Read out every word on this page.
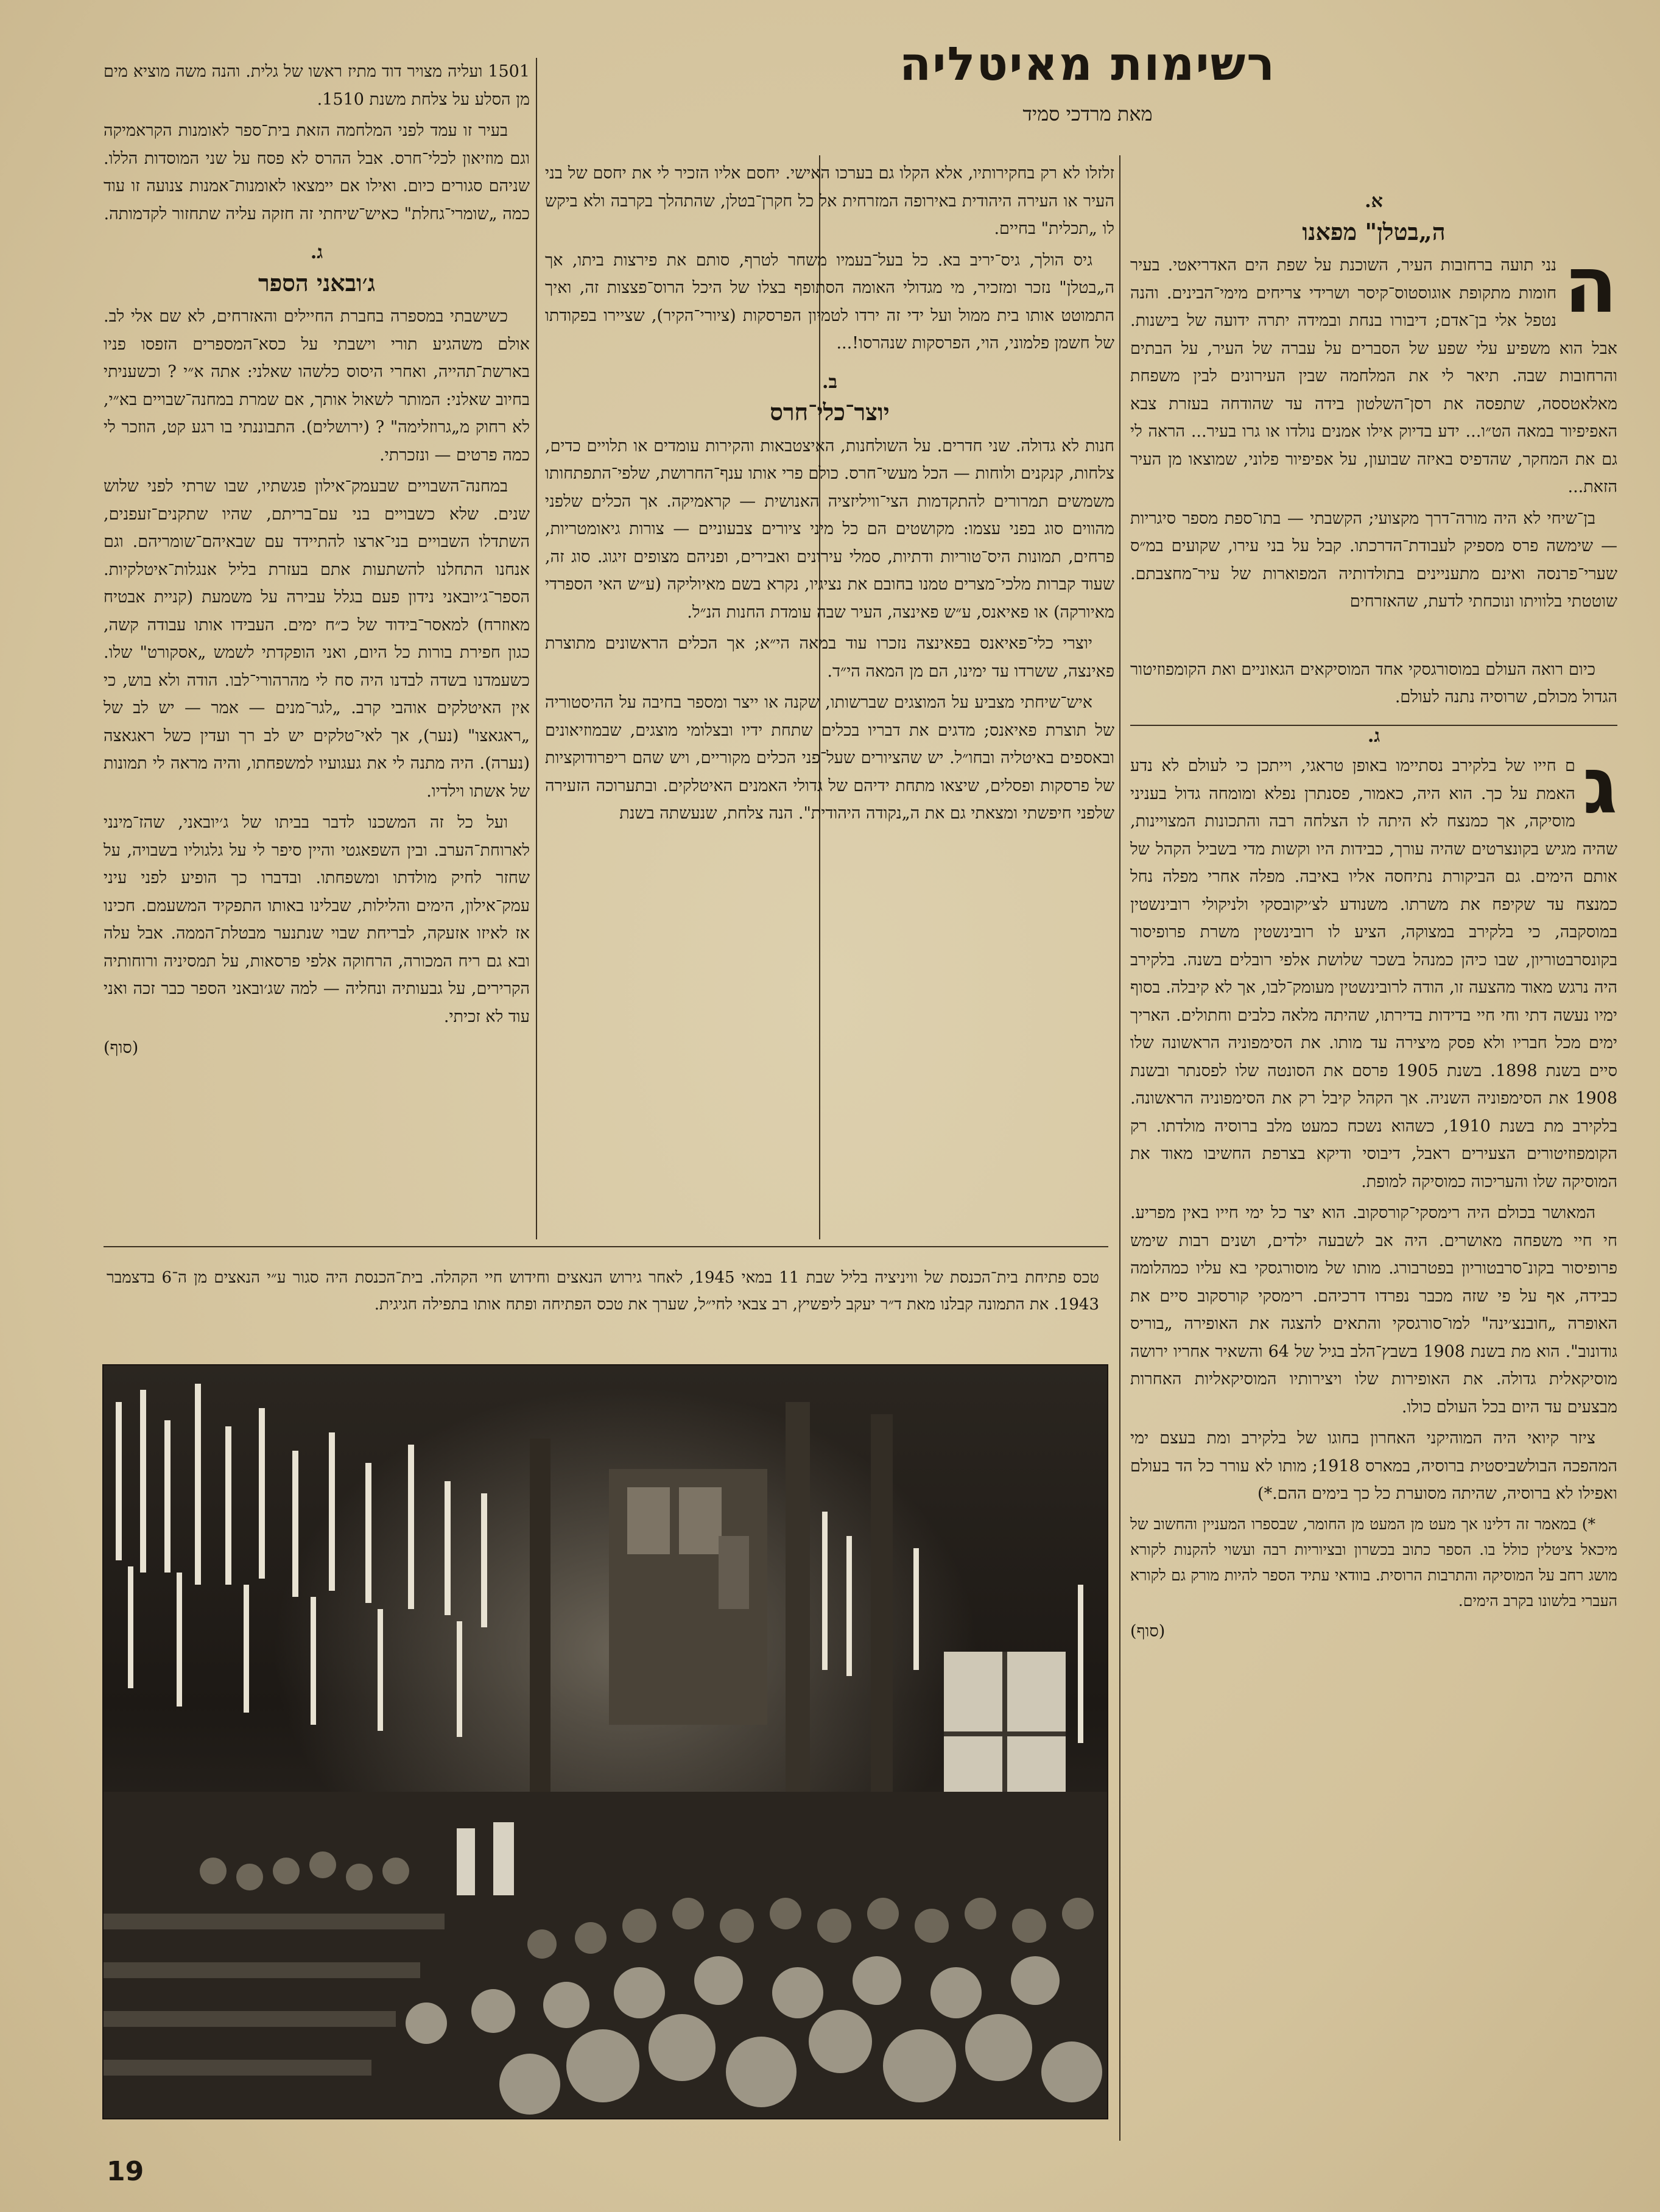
רשימות מאיטליה
מאת מרדכי סמיד
א.
ה„בטלן" מפאנו

ה
נני תועה ברחובות העיר, השוכנת על שפת הים האדריאטי. בעיר חומות מתקופת אוגוסטוס־קיסר ושרידי צריחים מימי־הבינים. והנה נטפל אלי בן־אדם; דיבורו בנחת ובמידה יתרה ידועה של בישנות. אבל הוא משפיע עלי שפע של הסברים על עברה של העיר, על הבתים והרחובות שבה. תיאר לי את המלחמה שבין העירונים לבין משפחת מאלאטססה, שתפסה את רסן־השלטון בידה עד שהודחה בעזרת צבא האפיפיור במאה הט״ו... ידע בדיוק אילו אמנים נולדו או גרו בעיר... הראה לי גם את המחקר, שהדפיס באיזה שבועון, על אפיפיור פלוני, שמוצאו מן העיר הזאת...

בן־שיחי לא היה מורה־דרך מקצועי; הקשבתי — בתו־ספת מספר סיגריות — שימשה פרס מספיק לעבודת־הדרכתו. קבל על בני עירו, שקועים במ״ס שערי־פרנסה ואינם מתעניינים בתולדותיה המפוארות של עיר־מחצבתם. שוטטתי בלוויתו ונוכחתי לדעת, שהאזרחים

כיום רואה העולם במוסורגסקי אחד המוסיקאים הגאוניים ואת הקומפוזיטור הגדול מכולם, שרוסיה נתנה לעולם.

ג.

ג
ם חייו של בלקירב נסתיימו באופן טראגי, וייתכן כי לעולם לא נדע האמת על כך. הוא היה, כאמור, פסנתרן נפלא ומומחה גדול בעניני מוסיקה, אך כמנצח לא היתה לו הצלחה רבה והתכונות המצויינות, שהיה מגיש בקונצרטים שהיה עורך, כבידות היו וקשות מדי בשביל הקהל של אותם הימים. גם הביקורת נתיחסה אליו באיבה. מפלה אחרי מפלה נחל כמנצח עד שקיפח את משרתו. משנודע לצ׳יקובסקי ולניקולי רובינשטין במוסקבה, כי בלקירב במצוקה, הציע לו רובינשטין משרת פרופיסור בקונסרבטוריון, שבו כיהן כמנהל בשכר שלושת אלפי רובלים בשנה. בלקירב היה נרגש מאוד מהצעה זו, הודה לרובינשטין מעומק־לבו, אך לא קיבלה. בסוף ימיו נעשה דתי וחי חיי בדידות בדירתו, שהיתה מלאה כלבים וחתולים. האריך ימים מכל חבריו ולא פסק מיצירה עד מותו. את הסימפוניה הראשונה שלו סיים בשנת 1898. בשנת 1905 פרסם את הסונטה שלו לפסנתר ובשנת 1908 את הסימפוניה השניה. אך הקהל קיבל רק את הסימפוניה הראשונה. בלקירב מת בשנת 1910, כשהוא נשכח כמעט מלב ברוסיה מולדתו. רק הקומפוזיטורים הצעירים ראבל, דיבוסי ודיקא בצרפת החשיבו מאוד את המוסיקה שלו והעריכוה כמוסיקה למופת.

המאושר בכולם היה רימסקי־קורסקוב. הוא יצר כל ימי חייו באין מפריע. חי חיי משפחה מאושרים. היה אב לשבעה ילדים, ושנים רבות שימש פרופיסור בקונ־סרבטוריון בפטרבורג. מותו של מוסורגסקי בא עליו כמהלומה כבידה, אף על פי שזה מכבר נפרדו דרכיהם. רימסקי קורסקוב סיים את האופרה „חובנצ׳ינה" למו־סורגסקי והתאים להצגה את האופירה „בוריס גודונוב". הוא מת בשנת 1908 בשבץ־הלב בגיל של 64 והשאיר אחריו ירושה מוסיקאלית גדולה. את האופירות שלו ויצירותיו המוסיקאליות האחרות מבצעים עד היום בכל העולם כולו.

ציזר קיואי היה המוהיקני האחרון בחוגו של בלקירב ומת בעצם ימי המהפכה הבולשביסטית ברוסיה, במארס 1918; מותו לא עורר כל הד בעולם ואפילו לא ברוסיה, שהיתה מסוערת כל כך בימים ההם.*)

*) במאמר זה דלינו אך מעט מן המעט מן החומר, שבספרו המעניין והחשוב של מיכאל ציטלין כולל בו. הספר כתוב בכשרון ובציוריות רבה ועשוי להקנות לקורא מושג רחב על המוסיקה והתרבות הרוסית. בוודאי עתיד הספר להיות מורק גם לקורא העברי בלשונו בקרב הימים.

(סוף)

זלזלו לא רק בחקירותיו, אלא הקלו גם בערכו האישי. יחסם אליו הזכיר לי את יחסם של בני העיר או העירה היהודית באירופה המזרחית אל כל חקרן־בטלן, שהתהלך בקרבה ולא ביקש לו „תכלית" בחיים.

גיס הולך, גיס־יריב בא. כל בעל־בעמיו משחר לטרף, סותם את פירצות ביתו, אך ה„בטלן" נזכר ומזכיר, מי מגדולי האומה הסתופף בצלו של היכל הרוס־פצצות זה, ואיך התמוטט אותו בית ממול ועל ידי זה ירדו לטמיון הפרסקות (ציורי־הקיר), שציירו בפקודתו של חשמן פלמוני, הוי, הפרסקות שנהרסו!...

ב.
יוצר־כלי־חרס

חנות לא גדולה. שני חדרים. על השולחנות, האיצטבאות והקירות עומדים או תלויים כדים, צלחות, קנקנים ולוחות — הכל מעשי־חרס. כולם פרי אותו ענף־החרושת, שלפי־התפתחותו משמשים תמרורים להתקדמות הצי־וויליזציה האנושית — קראמיקה. אך הכלים שלפני מהווים סוג בפני עצמו: מקושטים הם כל מיני ציורים צבעוניים — צורות גיאומטריות, פרחים, תמונות היס־טוריות ודתיות, סמלי עירונים ואבירים, ופניהם מצופים זיגוג. סוג זה, שעוד קברות מלכי־מצרים טמנו בחובם את נציגיו, נקרא בשם מאיוליקה (ע״ש האי הספרדי מאיורקה) או פאיאנס, ע״ש פאינצה, העיר שבה עומדת החנות הנ״ל.

יוצרי כלי־פאיאנס בפאינצה נזכרו עוד במאה הי״א; אך הכלים הראשונים מתוצרת פאינצה, ששרדו עד ימינו, הם מן המאה הי״ד.

איש־שיחתי מצביע על המוצגים שברשותו, שקנה או ייצר ומספר בחיבה על ההיסטוריה של תוצרת פאיאנס; מדגים את דבריו בכלים שתחת ידיו ובצלומי מוצגים, שבמוזיאונים ובאספים באיטליה ובחו״ל. יש שהציורים שעל־פני הכלים מקוריים, ויש שהם ריפרודוקציות של פרסקות ופסלים, שיצאו מתחת ידיהם של גדולי האמנים האיטלקים. ובתערוכה הזעירה שלפני חיפשתי ומצאתי גם את ה„נקודה היהודית". הנה צלחת, שנעשתה בשנת

1501 ועליה מצויר דוד מתיז ראשו של גלית. והנה משה מוציא מים מן הסלע על צלחת משנת 1510.

בעיר זו עמד לפני המלחמה הזאת בית־ספר לאומנות הקראמיקה וגם מוזיאון לכלי־חרס. אבל ההרס לא פסח על שני המוסדות הללו. שניהם סגורים כיום. ואילו אם יימצאו לאומנות־אמנות צנועה זו עוד כמה „שומרי־גחלת" כאיש־שיחתי זה חזקה עליה שתחזור לקדמותה.

ג.
ג׳ובאני הספר

כשישבתי במספרה בחברת החיילים והאזרחים, לא שם אלי לב. אולם משהגיע תורי וישבתי על כסא־המספרים הזפסו פניו בארשת־תהייה, ואחרי היסוס כלשהו שאלני: אתה א״י ? וכשעניתי בחיוב שאלני: המותר לשאול אותך, אם שמרת במחנה־שבויים בא״י, לא רחוק מ„גרוזלימה" ? (ירושלים). התבוננתי בו רגע קט, הוזכר לי כמה פרטים — ונזכרתי.

במחנה־השבויים שבעמק־אילון פגשתיו, שבו שרתי לפני שלוש שנים. שלא כשבויים בני עם־בריתם, שהיו שתקנים־זעפנים, השתדלו השבויים בני־ארצו להתיידד עם שבאיהם־שומריהם. וגם אנחנו התחלנו להשתעות אתם בעזרת בליל אנגלות־איטלקיות. הספר־ג׳יובאני נידון פעם בגלל עבירה על משמעת (קניית אבטיח מאוזרח) למאסר־בידוד של כ״ח ימים. העבידו אותו עבודה קשה, כגון חפירת בורות כל היום, ואני הופקדתי לשמש „אסקורט" שלו. כשעמדנו בשדה לבדנו היה סח לי מהרהורי־לבו. הודה ולא בוש, כי אין האיטלקים אוהבי קרב. „לגר־מנים — אמר — יש לב של „ראגאצו" (נער), אך לאי־טלקים יש לב רך ועדין כשל ראגאצה (נערה). היה מתנה לי את געגועיו למשפחתו, והיה מראה לי תמונות של אשתו וילדיו.

ועל כל זה המשכנו לדבר בביתו של ג׳יובאני, שהז־מינני לארוחת־הערב. ובין השפאגטי והיין סיפר לי על גלגוליו בשבויה, על שחזר לחיק מולדתו ומשפחתו. ובדברו כך הופיע לפני עיני עמק־אילון, הימים והלילות, שבלינו באותו התפקיד המשעמם. חכינו אז לאיזו אזעקה, לבריחת שבוי שנתנער מבטלת־הממה. אבל עלה ובא גם ריח המכורה, הרחוקה אלפי פרסאות, על תמסיניה ורוחותיה הקרירים, על גבעותיה ונחליה — למה שג׳ובאני הספר כבר זכה ואני עוד לא זכיתי.

(סוף)

טכס פתיחת בית־הכנסת של וויניציה בליל שבת 11 במאי 1945, לאחר גירוש הנאצים וחידוש חיי הקהלה. בית־הכנסת היה סגור ע״י הנאצים מן ה־6 בדצמבר 1943. את התמונה קבלנו מאת ד״ר יעקב ליפשיץ, רב צבאי לחי״ל, שערך את טכס הפתיחה ופתח אותו בתפילה חגיגית.
19
